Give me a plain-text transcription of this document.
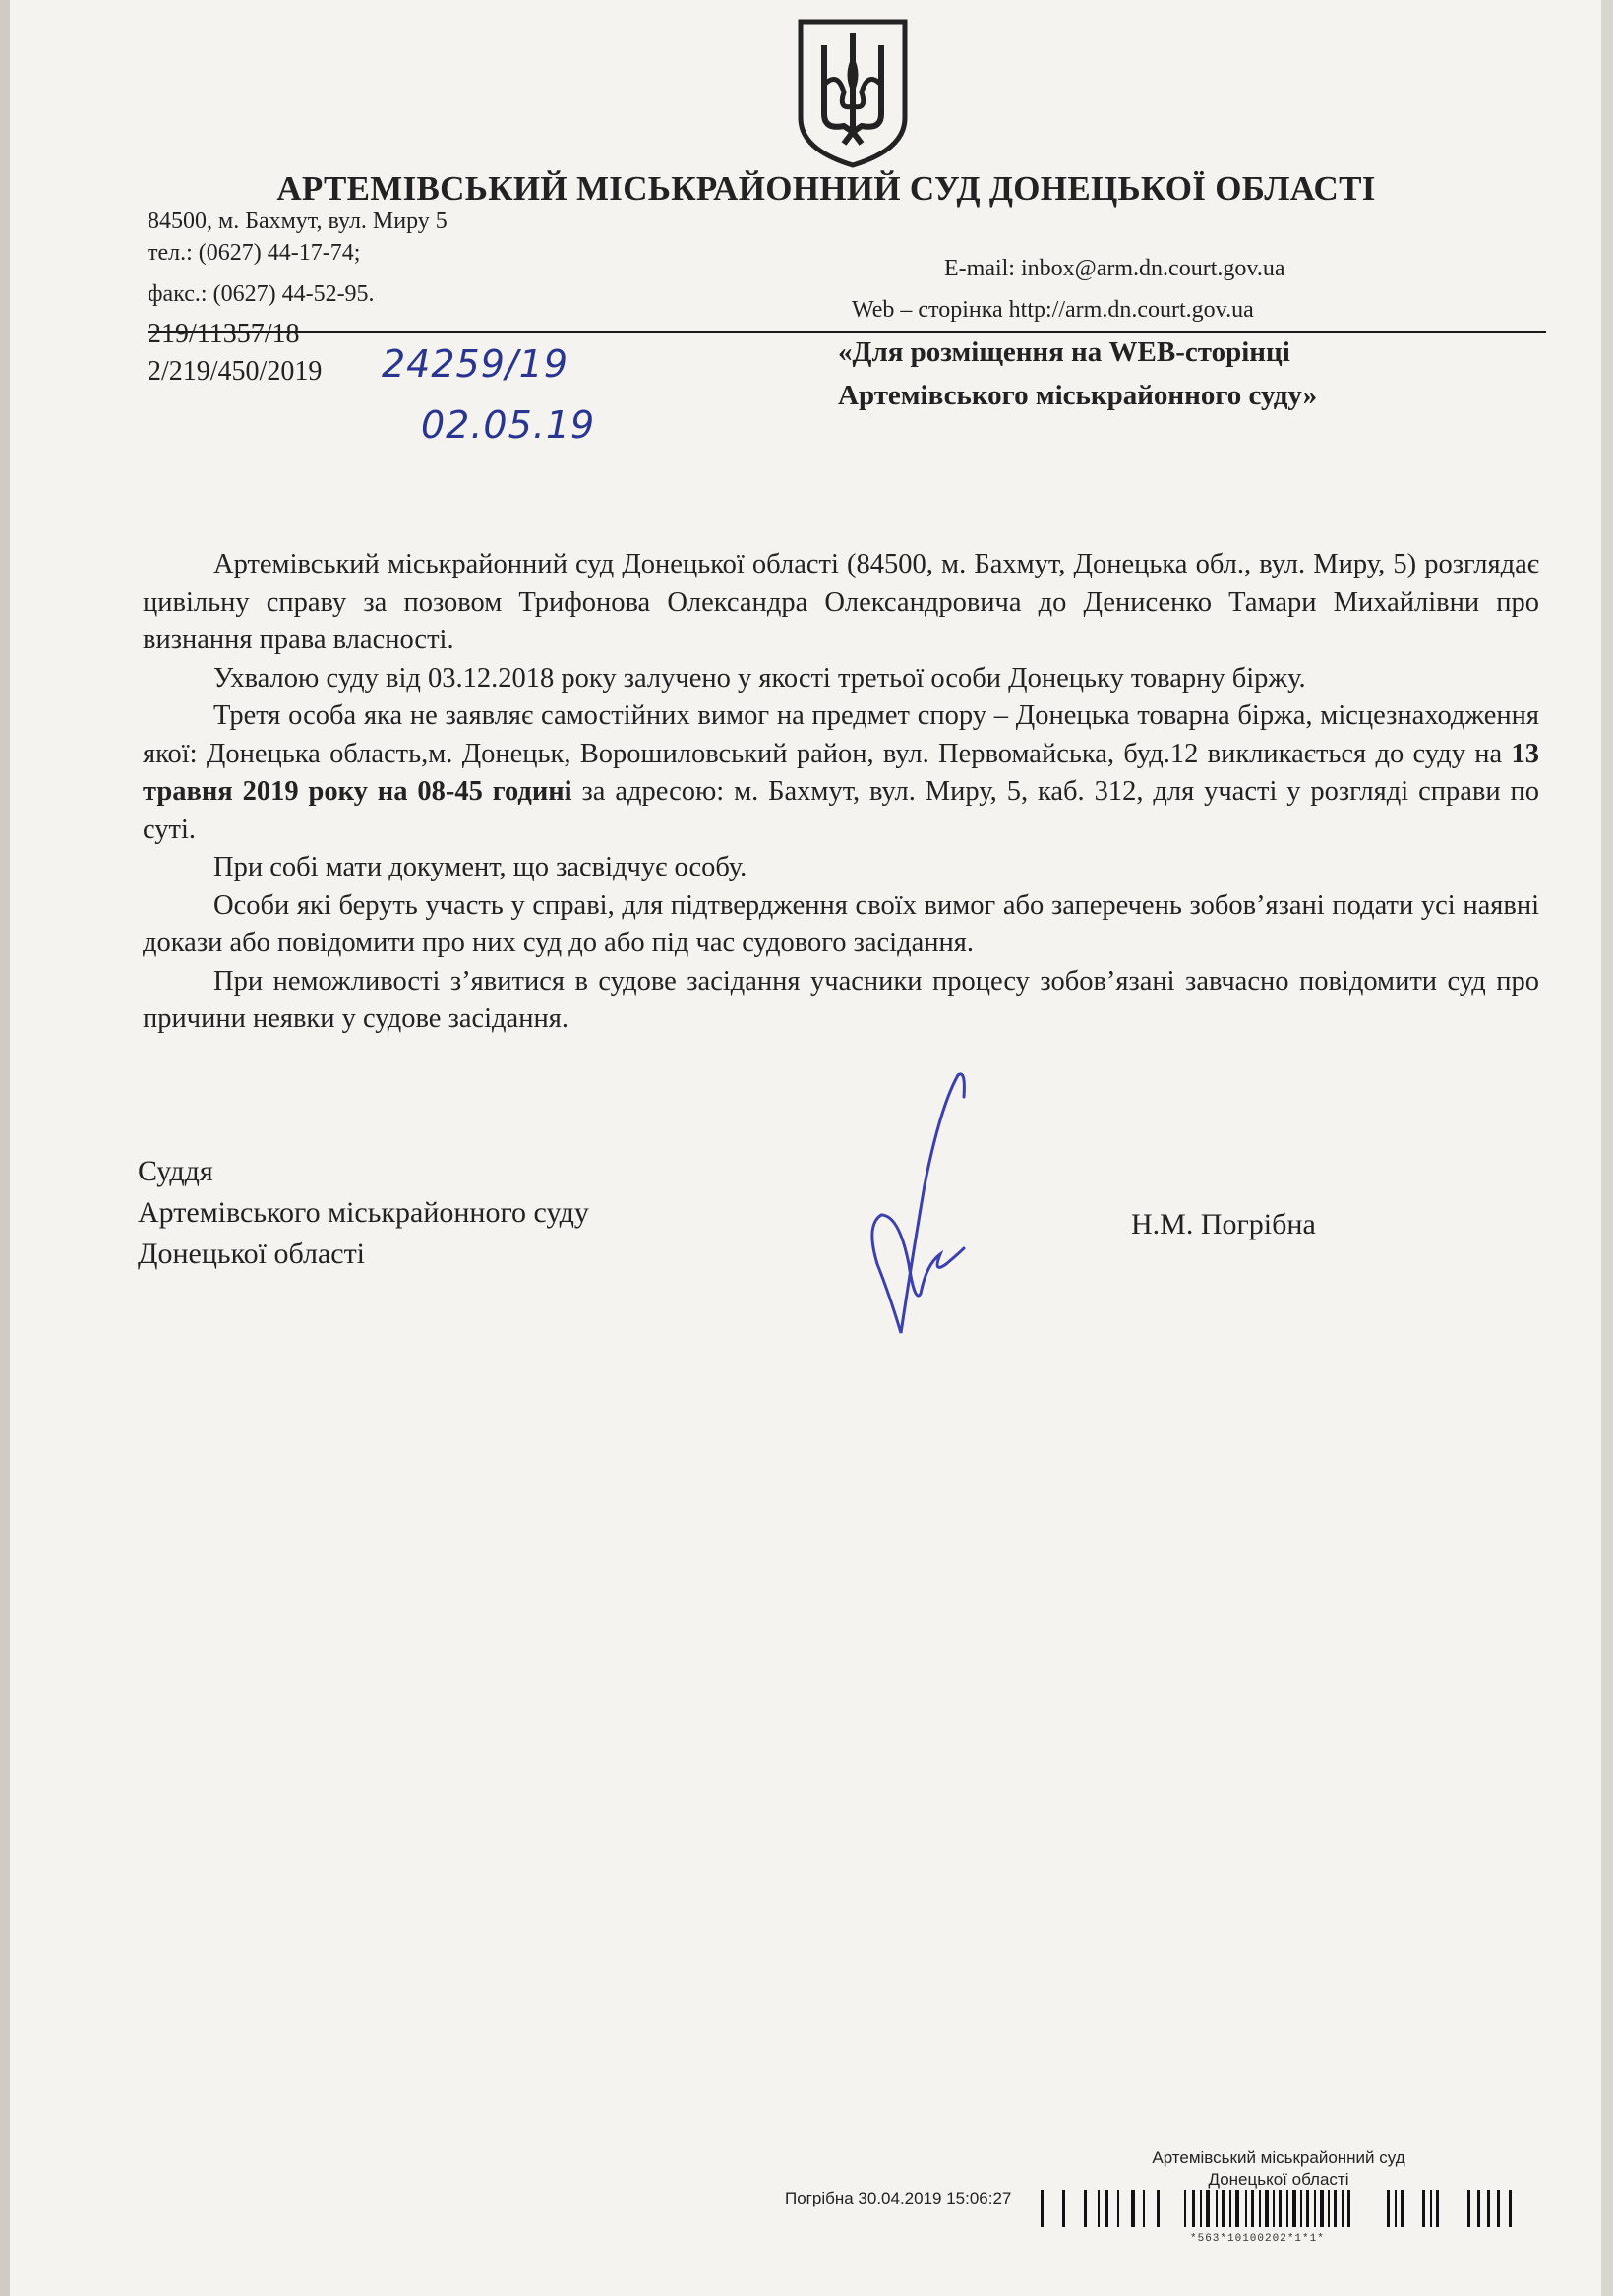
АРТЕМІВСЬКИЙ МІСЬКРАЙОННИЙ СУД ДОНЕЦЬКОЇ ОБЛАСТІ
84500, м. Бахмут, вул. Миру 5
тел.: (0627) 44-17-74;
факс.: (0627) 44-52-95.
E-mail: inbox@arm.dn.court.gov.ua
Web – сторінка http://arm.dn.court.gov.ua
219/11357/18
2/219/450/2019 24259/19
02.05.19
«Для розміщення на WEB-сторінці
Артемівського міськрайонного суду»

Артемівський міськрайонний суд Донецької області (84500, м. Бахмут, Донецька обл., вул. Миру, 5) розглядає цивільну справу за позовом Трифонова Олександра Олександровича до Денисенко Тамари Михайлівни про визнання права власності.

Ухвалою суду від 03.12.2018 року залучено у якості третьої особи Донецьку товарну біржу.

Третя особа яка не заявляє самостійних вимог на предмет спору – Донецька товарна біржа, місцезнаходження якої: Донецька область,м. Донецьк, Ворошиловський район, вул. Первомайська, буд.12 викликається до суду на 13 травня 2019 року на 08-45 годині за адресою: м. Бахмут, вул. Миру, 5, каб. 312, для участі у розгляді справи по суті.

При собі мати документ, що засвідчує особу.

Особи які беруть участь у справі, для підтвердження своїх вимог або заперечень зобов’язані подати усі наявні докази або повідомити про них суд до або під час судового засідання.

При неможливості з’явитися в судове засідання учасники процесу зобов’язані завчасно повідомити суд про причини неявки у судове засідання.

Суддя
Артемівського міськрайонного суду
Донецької області
Н.М. Погрібна
Артемівський міськрайонний суд
Донецької області
Погрібна 30.04.2019 15:06:27
*563*10100202*1*1*
